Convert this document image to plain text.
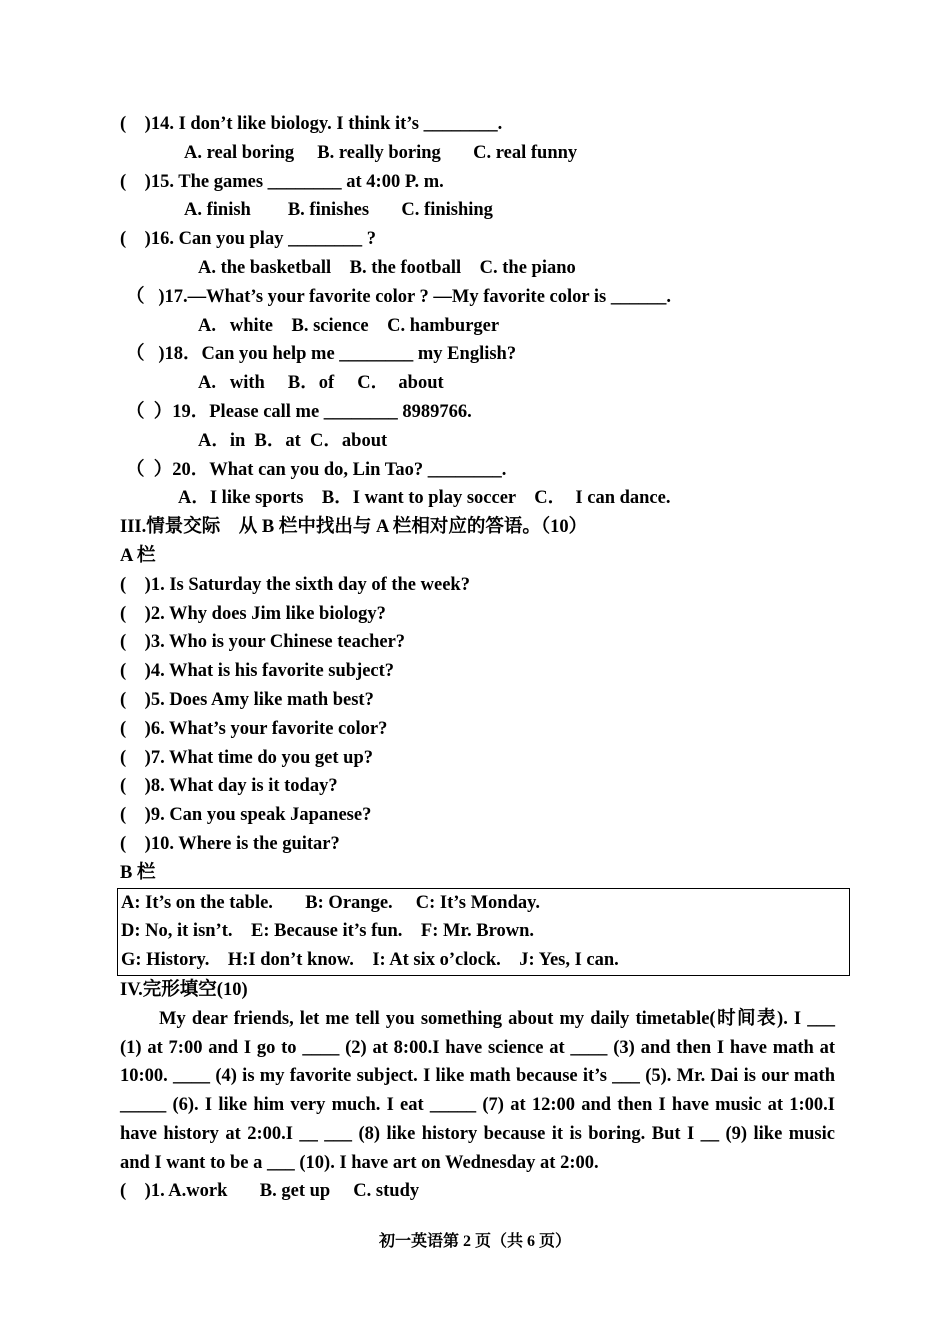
(    )14. I don’t like biology. I think it’s ________.
A. real boring     B. really boring       C. real funny
(    )15. The games ________ at 4:00 P. m.
A. finish        B. finishes       C. finishing
(    )16. Can you play ________ ?
A. the basketball    B. the football    C. the piano
（   )17.—What’s your favorite color ? —My favorite color is ______.
A.   white    B. science    C. hamburger
（   )18．Can you help me ________ my English?
A.   with     B．of     C．  about
（  ）19．Please call me ________ 8989766.
A．in  B．at  C．about
（  ）20．What can you do, Lin Tao? ________.
A．I like sports    B．I want to play soccer    C．  I can dance.
III.情景交际    从 B 栏中找出与 A 栏相对应的答语。（10）
A 栏
(    )1. Is Saturday the sixth day of the week?
(    )2. Why does Jim like biology?
(    )3. Who is your Chinese teacher?
(    )4. What is his favorite subject?
(    )5. Does Amy like math best?
(    )6. What’s your favorite color?
(    )7. What time do you get up?
(    )8. What day is it today?
(    )9. Can you speak Japanese?
(    )10. Where is the guitar?
B 栏
A: It’s on the table.       B: Orange.     C: It’s Monday.
D: No, it isn’t.    E: Because it’s fun.    F: Mr. Brown.
G: History.    H:I don’t know.    I: At six o’clock.    J: Yes, I can.
IV.完形填空(10)
My dear friends, let me tell you something about my daily timetable(时间表). I ___ (1) at 7:00 and I go to ____ (2) at 8:00.I have science at ____ (3) and then I have math at 10:00. ____ (4) is my favorite subject. I like math because it’s ___ (5). Mr. Dai is our math _____ (6). I like him very much. I eat _____ (7) at 12:00 and then I have music at 1:00.I have history at 2:00.I __ ___ (8) like history because it is boring. But I __ (9) like music and I want to be a ___ (10). I have art on Wednesday at 2:00.
(    )1. A.work       B. get up     C. study
初一英语第 2 页（共 6 页）
